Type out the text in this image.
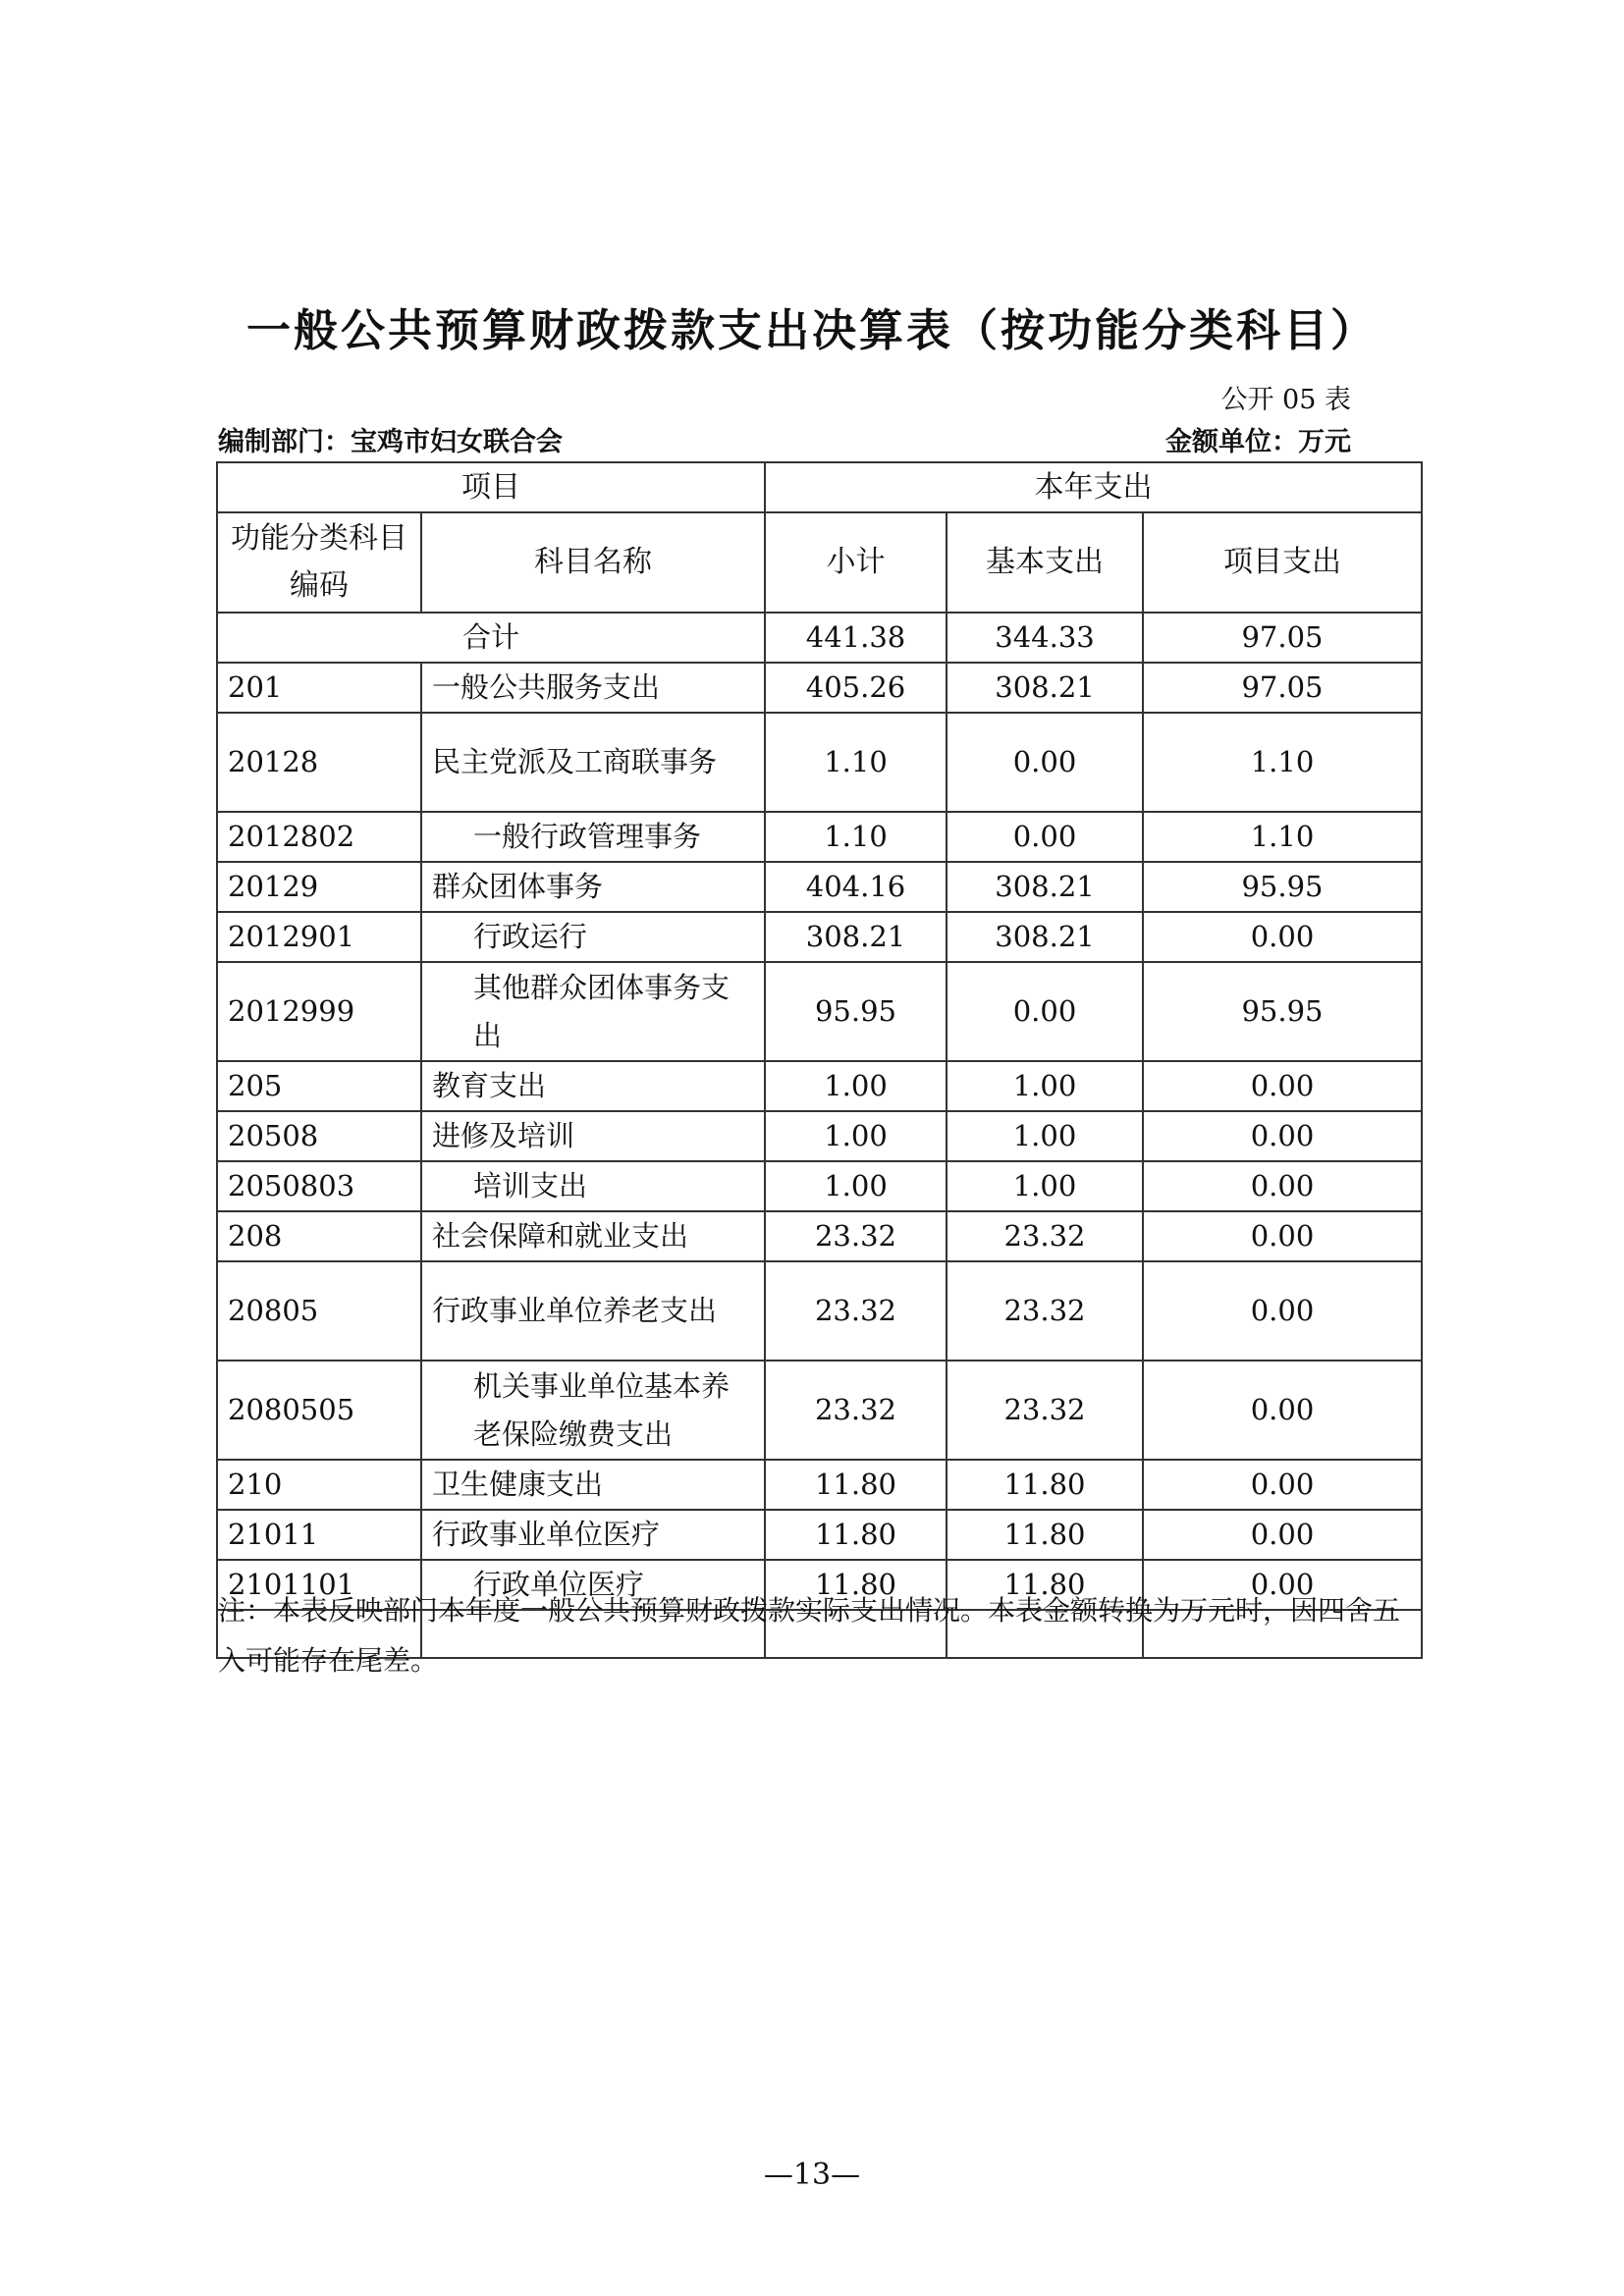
一般公共预算财政拨款支出决算表（按功能分类科目）
公开 05 表
编制部门：宝鸡市妇女联合会	金额单位：万元
项目		本年支出		
功能分类科目编码	科目名称	小计	基本支出	项目支出
合计		441.38	344.33	97.05
201	一般公共服务支出	405.26	308.21	97.05
20128	民主党派及工商联事务	1.10	0.00	1.10
2012802	一般行政管理事务	1.10	0.00	1.10
20129	群众团体事务	404.16	308.21	95.95
2012901	行政运行	308.21	308.21	0.00
2012999	其他群众团体事务支出	95.95	0.00	95.95
205	教育支出	1.00	1.00	0.00
20508	进修及培训	1.00	1.00	0.00
2050803	培训支出	1.00	1.00	0.00
208	社会保障和就业支出	23.32	23.32	0.00
20805	行政事业单位养老支出	23.32	23.32	0.00
2080505	机关事业单位基本养老保险缴费支出	23.32	23.32	0.00
210	卫生健康支出	11.80	11.80	0.00
21011	行政事业单位医疗	11.80	11.80	0.00
2101101	行政单位医疗	11.80	11.80	0.00

注：本表反映部门本年度一般公共预算财政拨款实际支出情况。本表金额转换为万元时，因四舍五入可能存在尾差。
—13—
